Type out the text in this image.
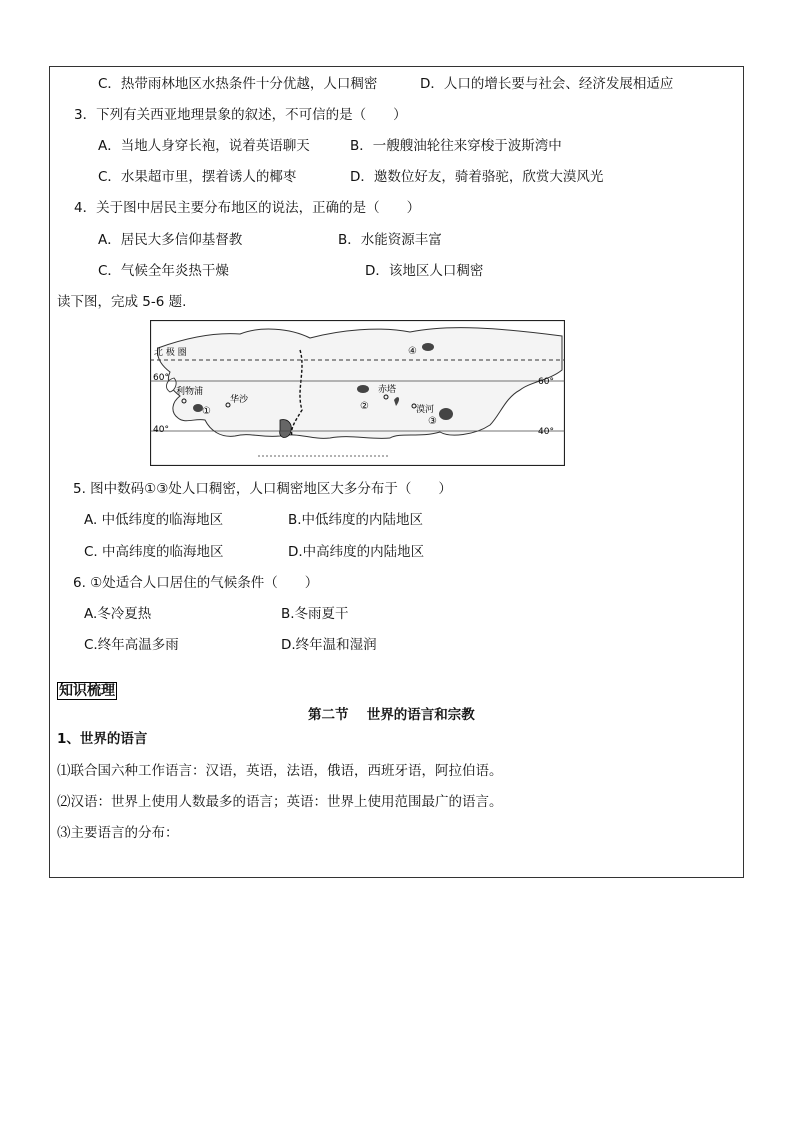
C．热带雨林地区水热条件十分优越，人口稠密	D．人口的增长要与社会、经济发展相适应
3．下列有关西亚地理景象的叙述，不可信的是（　　）
A．当地人身穿长袍，说着英语聊天	B．一艘艘油轮往来穿梭于波斯湾中
C．水果超市里，摆着诱人的椰枣	D．邀数位好友，骑着骆驼，欣赏大漠风光
4．关于图中居民主要分布地区的说法，正确的是（　　）
A．居民大多信仰基督教	B．水能资源丰富
C．气候全年炎热干燥	D．该地区人口稠密
读下图，完成 5-6 题.
北 极 圈
60°	60°
40°	40°
利物浦
华沙
赤塔
漠河
①	②
③
④
5. 图中数码①③处人口稠密，人口稠密地区大多分布于（　　）
A. 中低纬度的临海地区	B.中低纬度的内陆地区
C. 中高纬度的临海地区	D.中高纬度的内陆地区
6. ①处适合人口居住的气候条件（　　）
A.冬冷夏热	B.冬雨夏干
C.终年高温多雨	D.终年温和湿润
知识梳理
第二节　 世界的语言和宗教
1、世界的语言
⑴联合国六种工作语言：汉语，英语，法语，俄语，西班牙语，阿拉伯语。
⑵汉语：世界上使用人数最多的语言；英语：世界上使用范围最广的语言。
⑶主要语言的分布：
